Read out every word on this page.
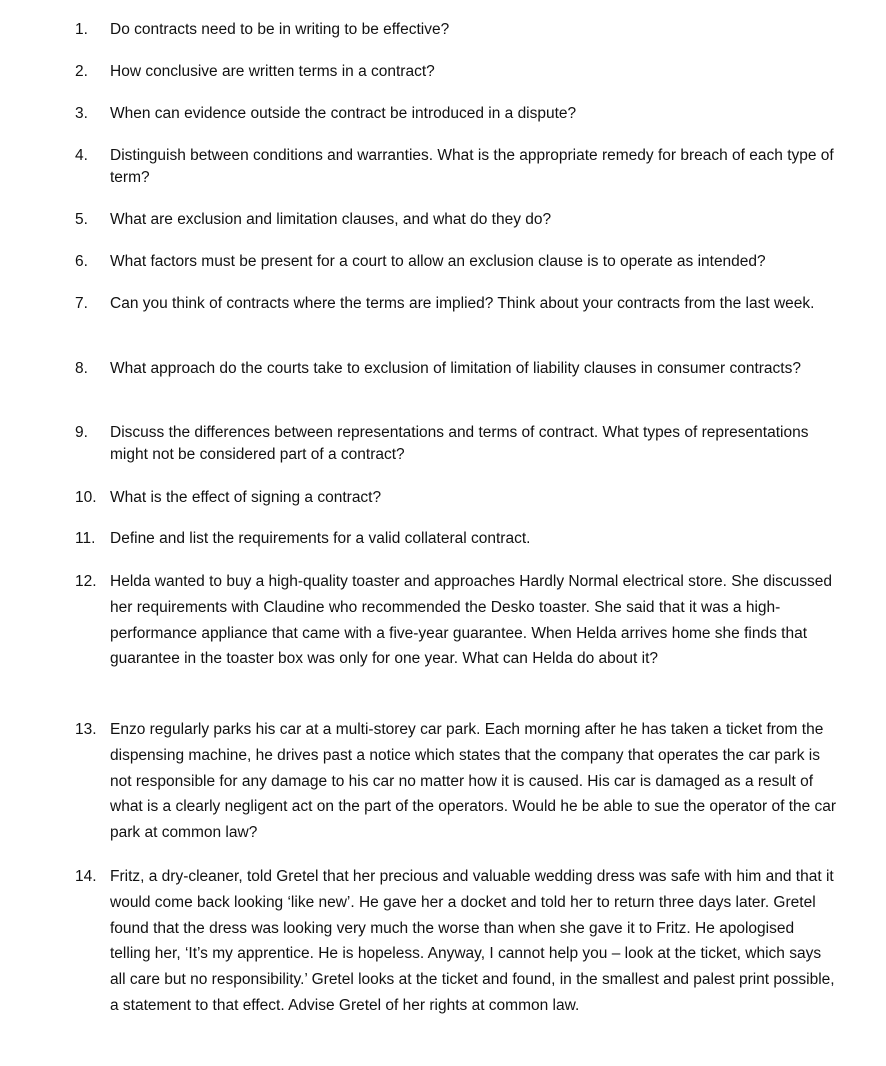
1. Do contracts need to be in writing to be effective?
2. How conclusive are written terms in a contract?
3. When can evidence outside the contract be introduced in a dispute?
4. Distinguish between conditions and warranties. What is the appropriate remedy for breach of each type of term?
5. What are exclusion and limitation clauses, and what do they do?
6. What factors must be present for a court to allow an exclusion clause is to operate as intended?
7. Can you think of contracts where the terms are implied? Think about your contracts from the last week.
8. What approach do the courts take to exclusion of limitation of liability clauses in consumer contracts?
9. Discuss the differences between representations and terms of contract. What types of representations might not be considered part of a contract?
10. What is the effect of signing a contract?
11. Define and list the requirements for a valid collateral contract.
12. Helda wanted to buy a high-quality toaster and approaches Hardly Normal electrical store. She discussed her requirements with Claudine who recommended the Desko toaster. She said that it was a high-performance appliance that came with a five-year guarantee. When Helda arrives home she finds that guarantee in the toaster box was only for one year. What can Helda do about it?
13. Enzo regularly parks his car at a multi-storey car park. Each morning after he has taken a ticket from the dispensing machine, he drives past a notice which states that the company that operates the car park is not responsible for any damage to his car no matter how it is caused. His car is damaged as a result of what is a clearly negligent act on the part of the operators. Would he be able to sue the operator of the car park at common law?
14. Fritz, a dry-cleaner, told Gretel that her precious and valuable wedding dress was safe with him and that it would come back looking ‘like new’. He gave her a docket and told her to return three days later. Gretel found that the dress was looking very much the worse than when she gave it to Fritz. He apologised telling her, ‘It’s my apprentice. He is hopeless. Anyway, I cannot help you – look at the ticket, which says all care but no responsibility.’ Gretel looks at the ticket and found, in the smallest and palest print possible, a statement to that effect. Advise Gretel of her rights at common law.
